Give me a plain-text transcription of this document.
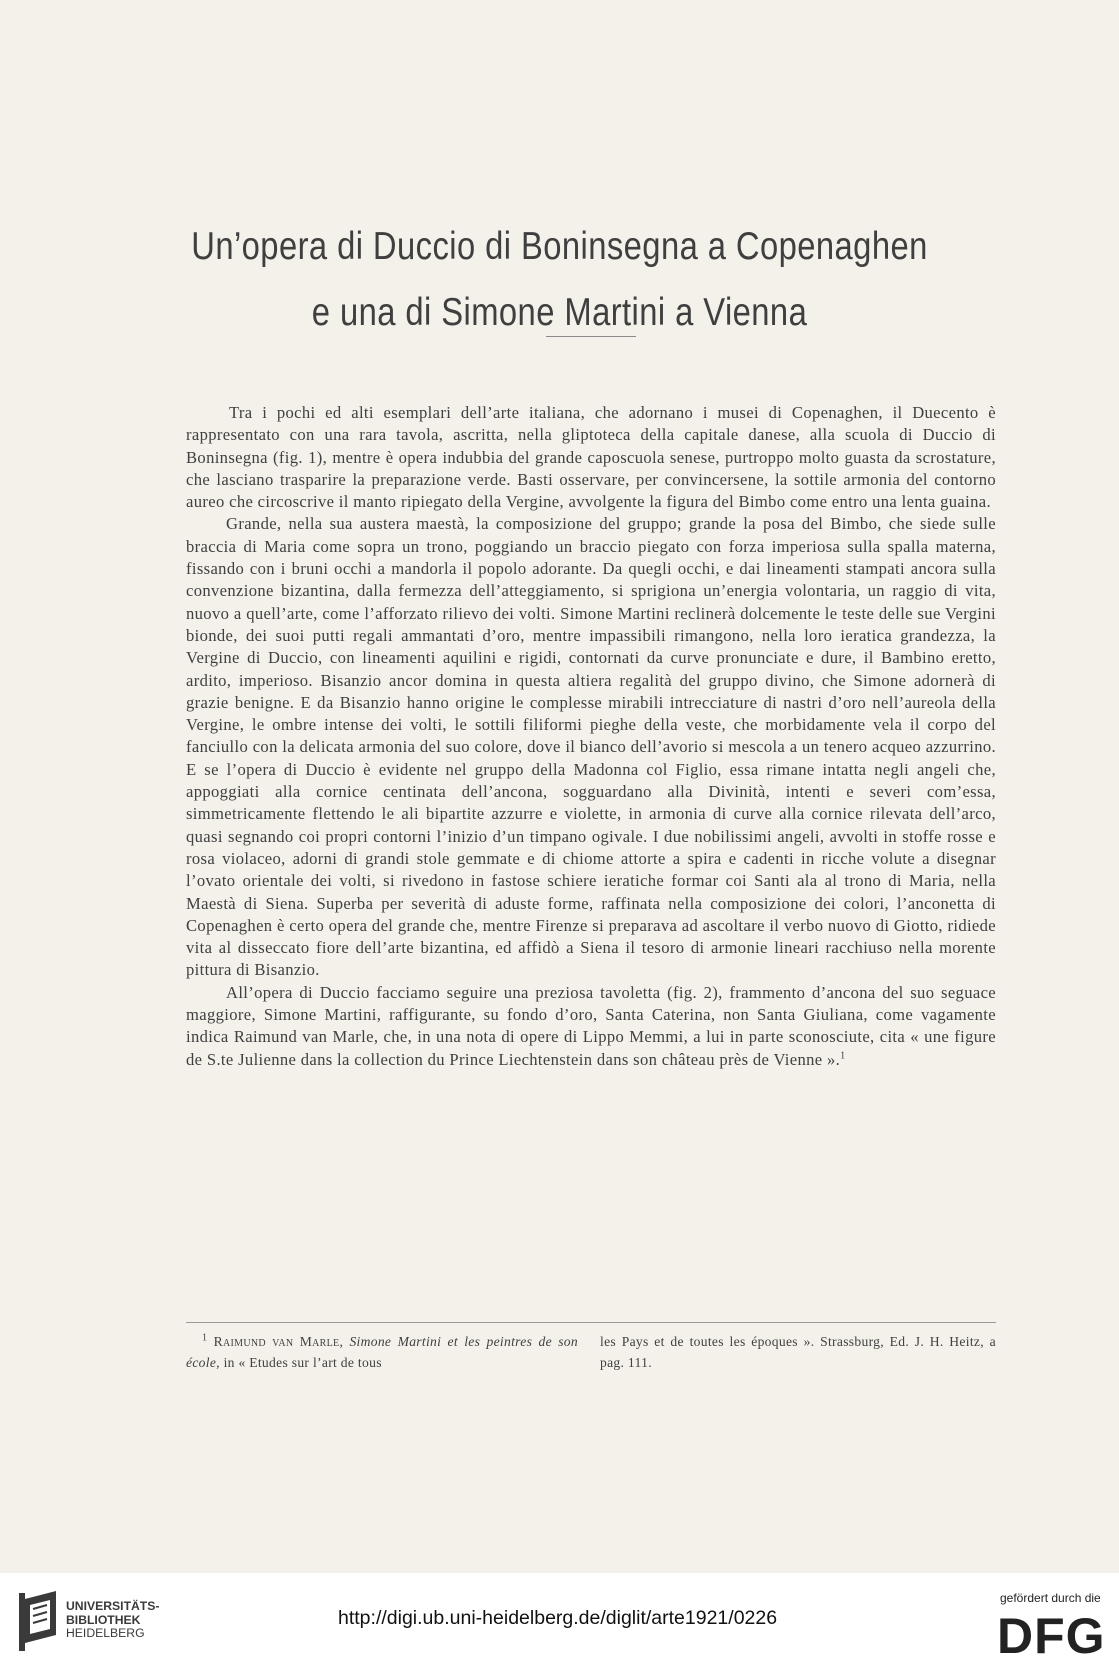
Un’opera di Duccio di Boninsegna a Copenaghen
e una di Simone Martini a Vienna

Tra i pochi ed alti esemplari dell’arte italiana, che adornano i musei di Copenaghen, il Duecento è rappresentato con una rara tavola, ascritta, nella gliptoteca della capitale danese, alla scuola di Duccio di Boninsegna (fig. 1), mentre è opera indubbia del grande caposcuola senese, purtroppo molto guasta da scrostature, che lasciano trasparire la preparazione verde. Basti osservare, per convincersene, la sottile armonia del contorno aureo che circoscrive il manto ripiegato della Vergine, avvolgente la figura del Bimbo come entro una lenta guaina.

Grande, nella sua austera maestà, la composizione del gruppo; grande la posa del Bimbo, che siede sulle braccia di Maria come sopra un trono, poggiando un braccio piegato con forza imperiosa sulla spalla materna, fissando con i bruni occhi a mandorla il popolo adorante. Da quegli occhi, e dai lineamenti stampati ancora sulla convenzione bizantina, dalla fermezza dell’atteggiamento, si sprigiona un’energia volontaria, un raggio di vita, nuovo a quell’arte, come l’afforzato rilievo dei volti. Simone Martini reclinerà dolcemente le teste delle sue Vergini bionde, dei suoi putti regali ammantati d’oro, mentre impassibili rimangono, nella loro ieratica grandezza, la Vergine di Duccio, con lineamenti aquilini e rigidi, contornati da curve pronunciate e dure, il Bambino eretto, ardito, imperioso. Bisanzio ancor domina in questa altiera regalità del gruppo divino, che Simone adornerà di grazie benigne. E da Bisanzio hanno origine le complesse mirabili intrecciature di nastri d’oro nell’aureola della Vergine, le ombre intense dei volti, le sottili filiformi pieghe della veste, che morbidamente vela il corpo del fanciullo con la delicata armonia del suo colore, dove il bianco dell’avorio si mescola a un tenero acqueo azzurrino. E se l’opera di Duccio è evidente nel gruppo della Madonna col Figlio, essa rimane intatta negli angeli che, appoggiati alla cornice centinata dell’ancona, sogguardano alla Divinità, intenti e severi com’essa, simmetricamente flettendo le ali bipartite azzurre e violette, in armonia di curve alla cornice rilevata dell’arco, quasi segnando coi propri contorni l’inizio d’un timpano ogivale. I due nobilissimi angeli, avvolti in stoffe rosse e rosa violaceo, adorni di grandi stole gemmate e di chiome attorte a spira e cadenti in ricche volute a disegnar l’ovato orientale dei volti, si rivedono in fastose schiere ieratiche formar coi Santi ala al trono di Maria, nella Maestà di Siena. Superba per severità di aduste forme, raffinata nella composizione dei colori, l’anconetta di Copenaghen è certo opera del grande che, mentre Firenze si preparava ad ascoltare il verbo nuovo di Giotto, ridiede vita al disseccato fiore dell’arte bizantina, ed affidò a Siena il tesoro di armonie lineari racchiuso nella morente pittura di Bisanzio.

All’opera di Duccio facciamo seguire una preziosa tavoletta (fig. 2), frammento d’ancona del suo seguace maggiore, Simone Martini, raffigurante, su fondo d’oro, Santa Caterina, non Santa Giuliana, come vagamente indica Raimund van Marle, che, in una nota di opere di Lippo Memmi, a lui in parte sconosciute, cita « une figure de S.te Julienne dans la collection du Prince Liechtenstein dans son château près de Vienne ».$^1$

$^1$ Raimund van Marle, Simone Martini et les peintres de son école, in « Etudes sur l’art de tous
les Pays et de toutes les époques ». Strassburg, Ed. J. H. Heitz, a pag. 111.
UNIVERSITÄTS-
BIBLIOTHEK
HEIDELBERG
http://digi.ub.uni-heidelberg.de/diglit/arte1921/0226
gefördert durch die
DFG
